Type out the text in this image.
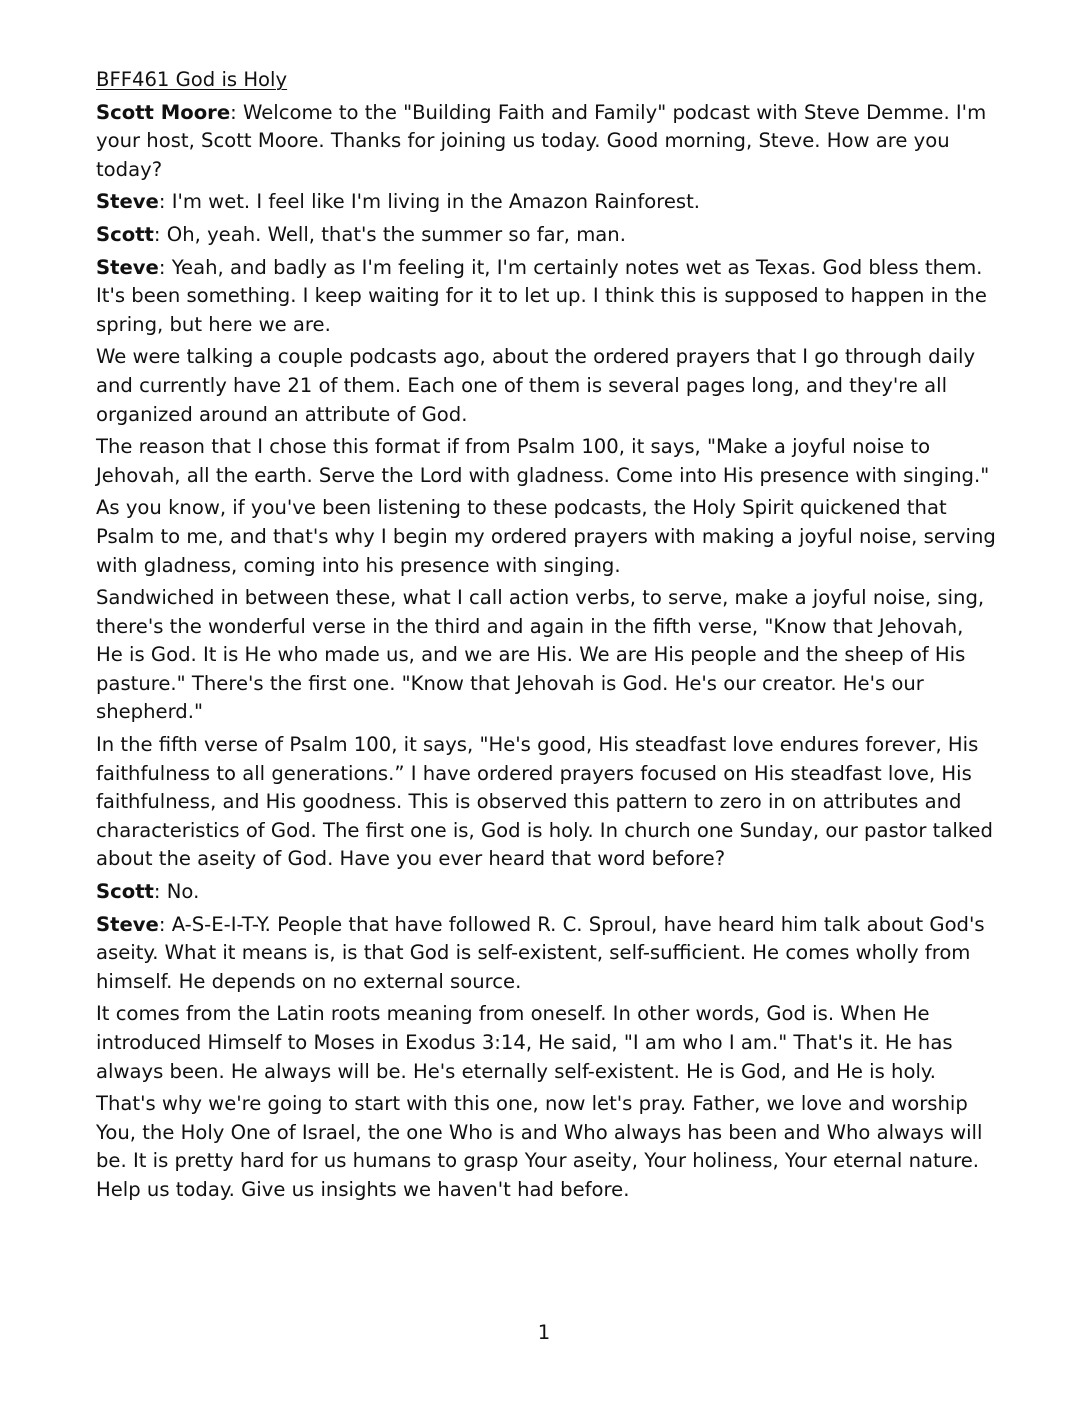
BFF461 God is Holy

Scott Moore: Welcome to the "Building Faith and Family" podcast with Steve Demme. I'm your host, Scott Moore. Thanks for joining us today. Good morning, Steve. How are you today?

Steve: I'm wet. I feel like I'm living in the Amazon Rainforest.

Scott: Oh, yeah. Well, that's the summer so far, man.

Steve: Yeah, and badly as I'm feeling it, I'm certainly notes wet as Texas. God bless them. It's been something. I keep waiting for it to let up. I think this is supposed to happen in the spring, but here we are.

We were talking a couple podcasts ago, about the ordered prayers that I go through daily and currently have 21 of them. Each one of them is several pages long, and they're all organized around an attribute of God.

The reason that I chose this format if from Psalm 100, it says, "Make a joyful noise to Jehovah, all the earth. Serve the Lord with gladness. Come into His presence with singing."

As you know, if you've been listening to these podcasts, the Holy Spirit quickened that Psalm to me, and that's why I begin my ordered prayers with making a joyful noise, serving with gladness, coming into his presence with singing.

Sandwiched in between these, what I call action verbs, to serve, make a joyful noise, sing, there's the wonderful verse in the third and again in the fifth verse, "Know that Jehovah, He is God. It is He who made us, and we are His. We are His people and the sheep of His pasture." There's the first one. "Know that Jehovah is God. He's our creator. He's our shepherd."

In the fifth verse of Psalm 100, it says, "He's good, His steadfast love endures forever, His faithfulness to all generations.” I have ordered prayers focused on His steadfast love, His faithfulness, and His goodness. This is observed this pattern to zero in on attributes and characteristics of God. The first one is, God is holy. In church one Sunday, our pastor talked about the aseity of God. Have you ever heard that word before?

Scott: No.

Steve: A-S-E-I-T-Y. People that have followed R. C. Sproul, have heard him talk about God's aseity. What it means is, is that God is self-existent, self-sufficient. He comes wholly from himself. He depends on no external source.

It comes from the Latin roots meaning from oneself. In other words, God is. When He introduced Himself to Moses in Exodus 3:14, He said, "I am who I am." That's it. He has always been. He always will be. He's eternally self-existent. He is God, and He is holy.

That's why we're going to start with this one, now let's pray. Father, we love and worship You, the Holy One of Israel, the one Who is and Who always has been and Who always will be. It is pretty hard for us humans to grasp Your aseity, Your holiness, Your eternal nature. Help us today. Give us insights we haven't had before.

1
